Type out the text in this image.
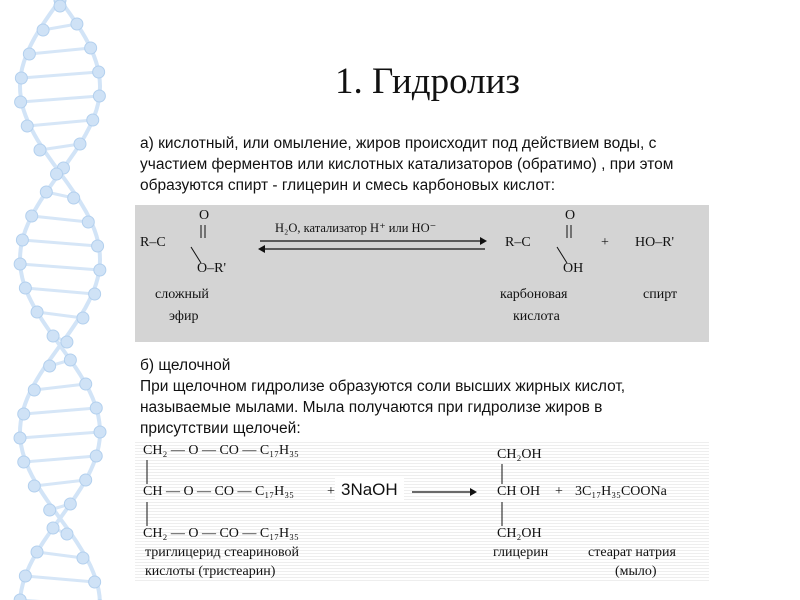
1. Гидролиз
а) кислотный, или омыление, жиров происходит под действием воды, с
участием ферментов или кислотных катализаторов (обратимо) , при этом
образуются спирт - глицерин и смесь карбоновых кислот:
R–C
O
O–R'
сложный
эфир
H₂O, катализатор H⁺ или HO⁻
R–C
O
OH
+ HO–R'
карбоновая
кислота
спирт
б) щелочной
При щелочном гидролизе образуются соли высших жирных кислот,
называемые мылами. Мыла получаются при гидролизе жиров в
присутствии щелочей:
CH₂ — O — CO — C₁₇H₃₅
CH — O — CO — C₁₇H₃₅
CH₂ — O — CO — C₁₇H₃₅
+ 3NaOH
CH₂OH
CH OH
CH₂OH
+ 3C₁₇H₃₅COONa
триглицерид стеариновой
кислоты (тристеарин)
глицерин	стеарат натрия
(мыло)
